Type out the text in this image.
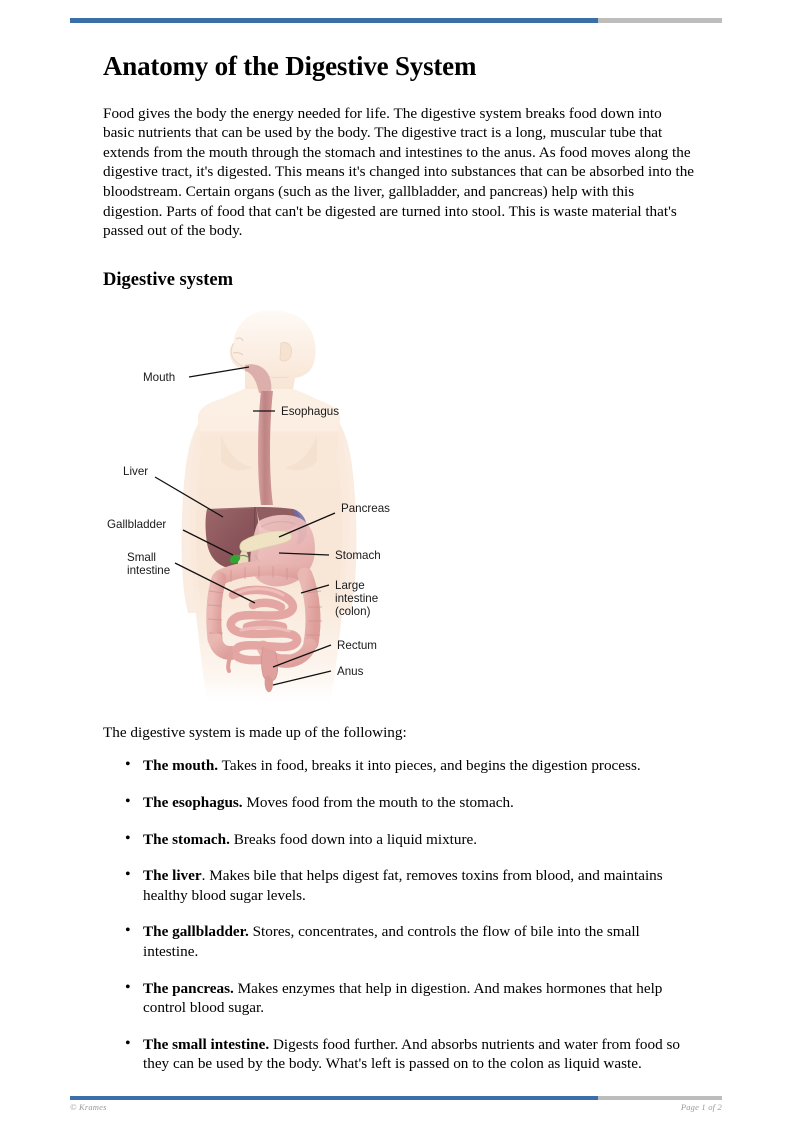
Anatomy of the Digestive System

Food gives the body the energy needed for life. The digestive system breaks food down into basic nutrients that can be used by the body. The digestive tract is a long, muscular tube that extends from the mouth through the stomach and intestines to the anus. As food moves along the digestive tract, it's digested. This means it's changed into substances that can be absorbed into the bloodstream. Certain organs (such as the liver, gallbladder, and pancreas) help with this digestion. Parts of food that can't be digested are turned into stool. This is waste material that's passed out of the body.

Digestive system
Mouth
Esophagus
Liver
Pancreas
Gallbladder
Stomach
Small
intestine
Large
intestine
(colon)
Rectum
Anus

The digestive system is made up of the following:

• The mouth. Takes in food, breaks it into pieces, and begins the digestion process.
• The esophagus. Moves food from the mouth to the stomach.
• The stomach. Breaks food down into a liquid mixture.
• The liver. Makes bile that helps digest fat, removes toxins from blood, and maintains healthy blood sugar levels.
• The gallbladder. Stores, concentrates, and controls the flow of bile into the small intestine.
• The pancreas. Makes enzymes that help in digestion. And makes hormones that help control blood sugar.
• The small intestine. Digests food further. And absorbs nutrients and water from food so they can be used by the body. What's left is passed on to the colon as liquid waste.
© Krames	Page 1 of 2
